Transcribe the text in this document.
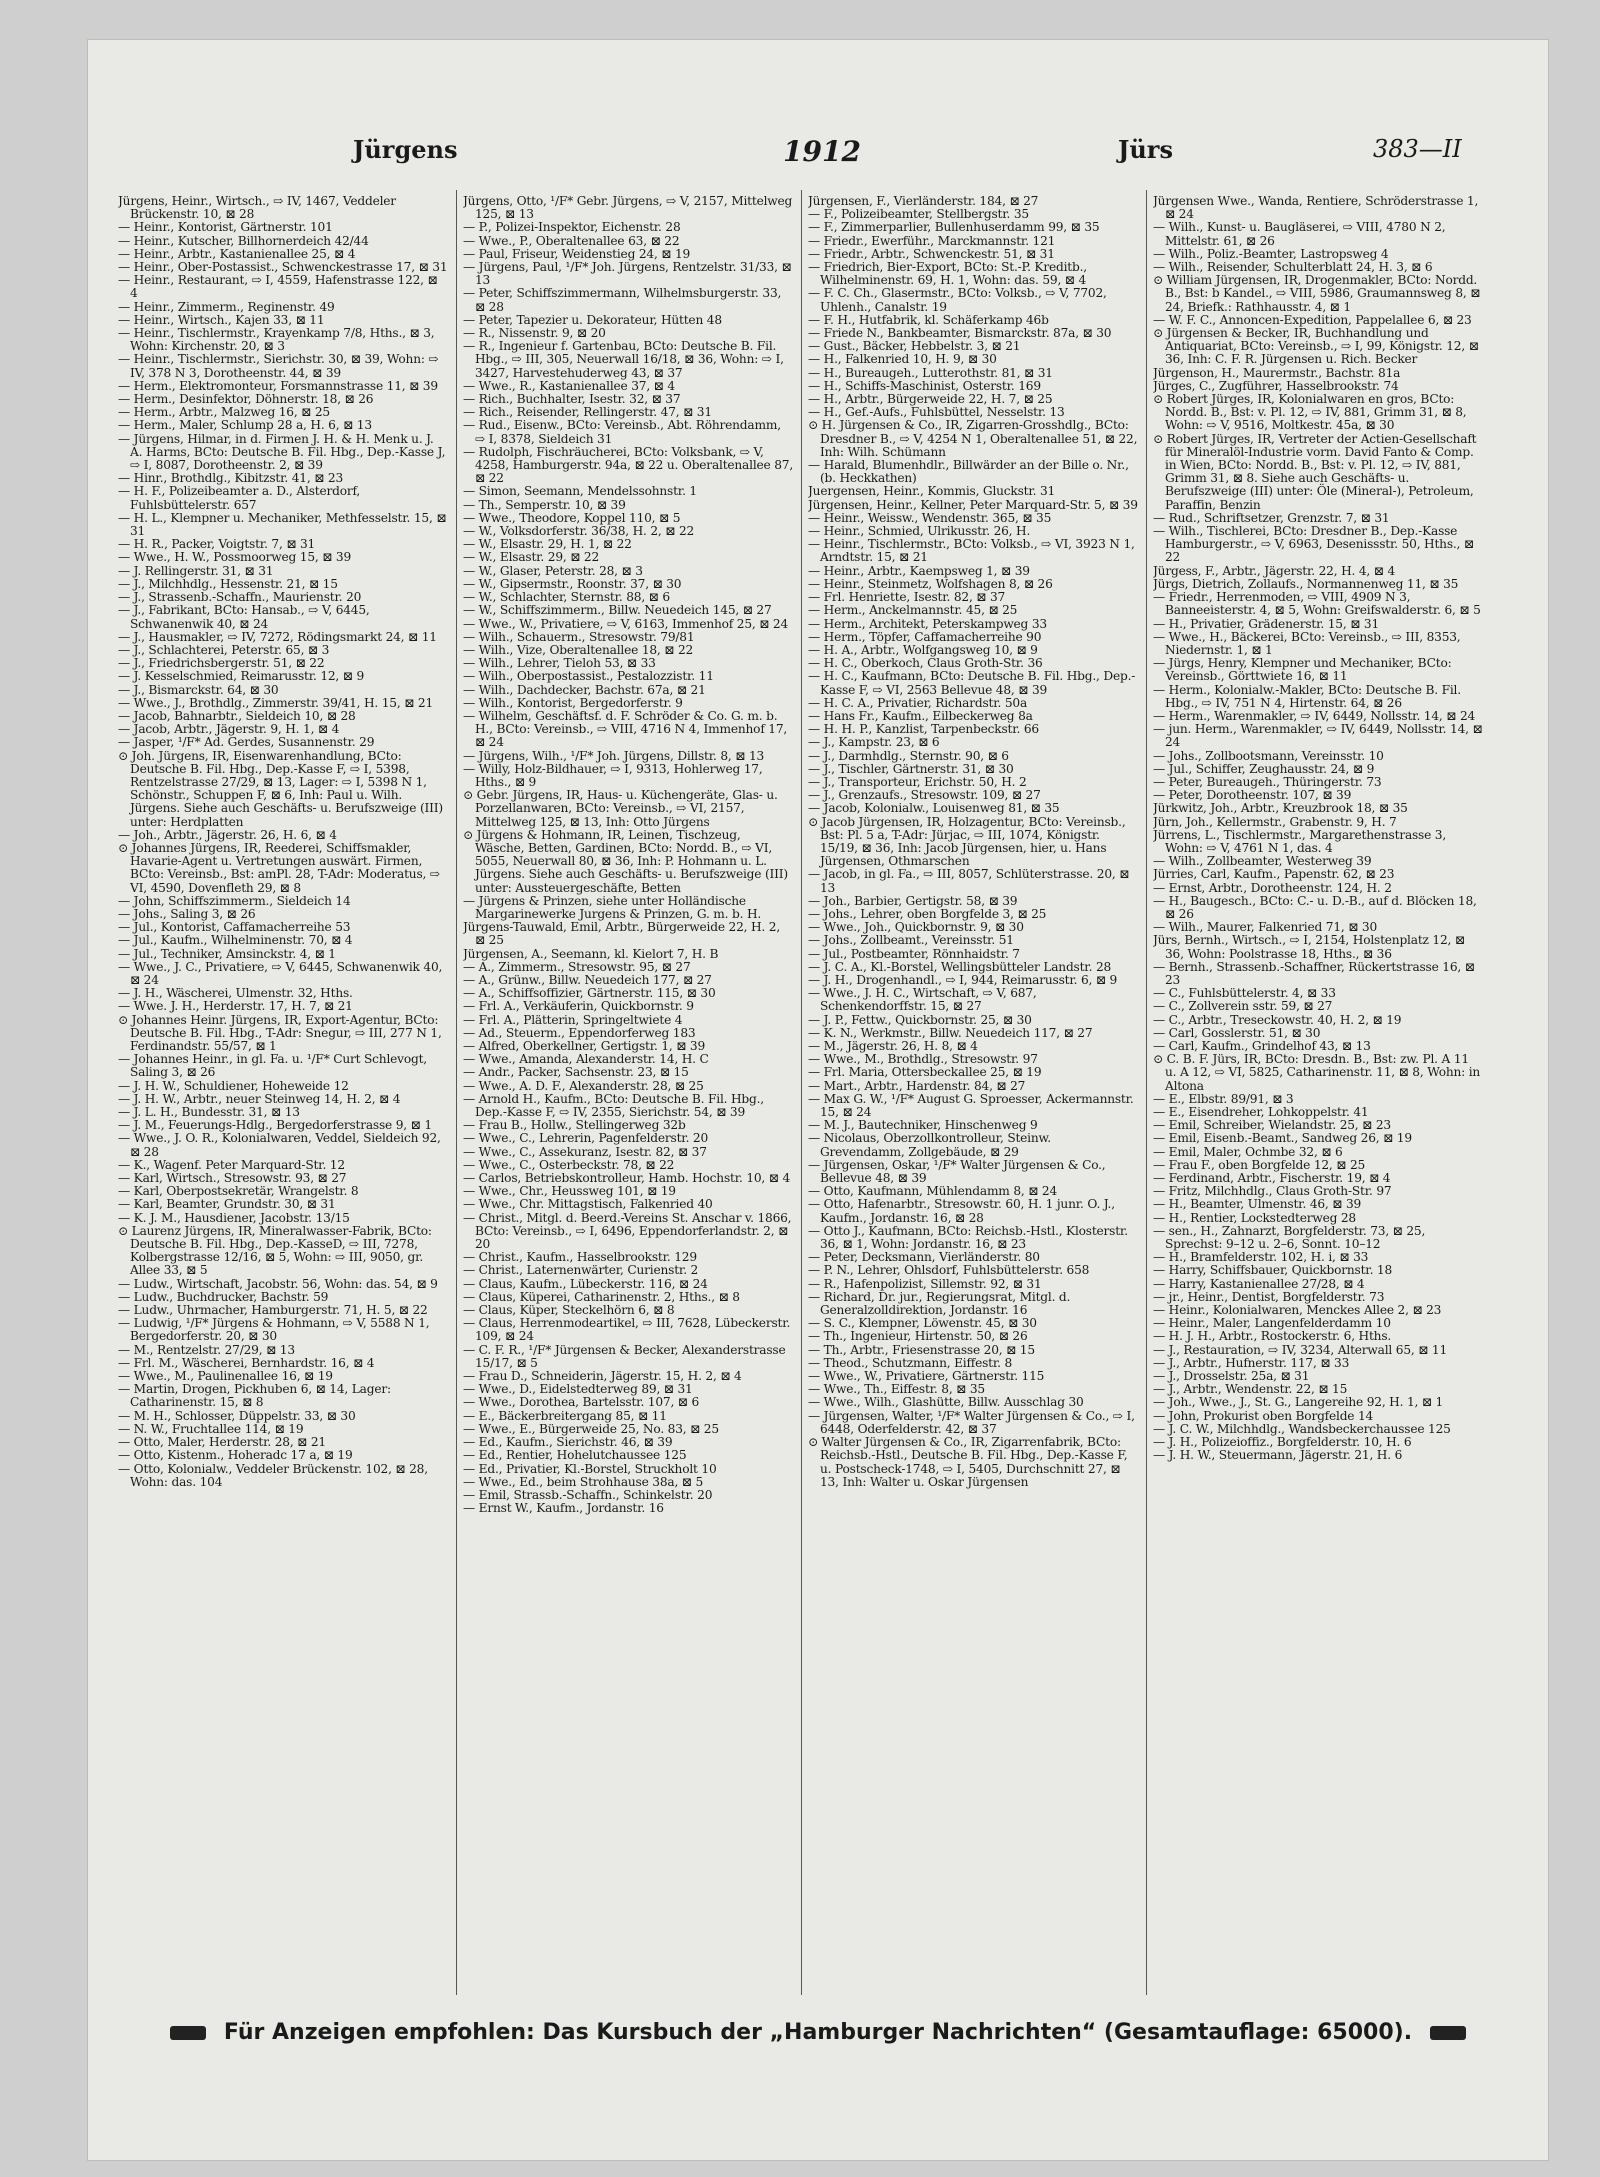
Jürgens	1912	Jürs	383—II

Jürgens, Heinr., Wirtsch., ⇨ IV, 1467, Veddeler Brückenstr. 10, ⊠ 28

— Heinr., Kontorist, Gärtnerstr. 101

— Heinr., Kutscher, Billhornerdeich 42/44

— Heinr., Arbtr., Kastanienallee 25, ⊠ 4

— Heinr., Ober-Postassist., Schwenckestrasse 17, ⊠ 31

— Heinr., Restaurant, ⇨ I, 4559, Hafenstrasse 122, ⊠ 4

— Heinr., Zimmerm., Reginenstr. 49

— Heinr., Wirtsch., Kajen 33, ⊠ 11

— Heinr., Tischlermstr., Krayenkamp 7/8, Hths., ⊠ 3, Wohn: Kirchenstr. 20, ⊠ 3

— Heinr., Tischlermstr., Sierichstr. 30, ⊠ 39, Wohn: ⇨ IV, 378 N 3, Dorotheenstr. 44, ⊠ 39

— Herm., Elektromonteur, Forsmannstrasse 11, ⊠ 39

— Herm., Desinfektor, Döhnerstr. 18, ⊠ 26

— Herm., Arbtr., Malzweg 16, ⊠ 25

— Herm., Maler, Schlump 28 a, H. 6, ⊠ 13

— Jürgens, Hilmar, in d. Firmen J. H. & H. Menk u. J. A. Harms, BCto: Deutsche B. Fil. Hbg., Dep.-Kasse J, ⇨ I, 8087, Dorotheenstr. 2, ⊠ 39

— Hinr., Brothdlg., Kibitzstr. 41, ⊠ 23

— H. F., Polizeibeamter a. D., Alsterdorf, Fuhlsbüttelerstr. 657

— H. L., Klempner u. Mechaniker, Methfesselstr. 15, ⊠ 31

— H. R., Packer, Voigtstr. 7, ⊠ 31

— Wwe., H. W., Possmoorweg 15, ⊠ 39

— J. Rellingerstr. 31, ⊠ 31

— J., Milchhdlg., Hessenstr. 21, ⊠ 15

— J., Strassenb.-Schaffn., Maurienstr. 20

— J., Fabrikant, BCto: Hansab., ⇨ V, 6445, Schwanenwik 40, ⊠ 24

— J., Hausmakler, ⇨ IV, 7272, Rödingsmarkt 24, ⊠ 11

— J., Schlachterei, Peterstr. 65, ⊠ 3

— J., Friedrichsbergerstr. 51, ⊠ 22

— J. Kesselschmied, Reimarusstr. 12, ⊠ 9

— J., Bismarckstr. 64, ⊠ 30

— Wwe., J., Brothdlg., Zimmerstr. 39/41, H. 15, ⊠ 21

— Jacob, Bahnarbtr., Sieldeich 10, ⊠ 28

— Jacob, Arbtr., Jägerstr. 9, H. 1, ⊠ 4

— Jasper, ¹/F* Ad. Gerdes, Susannenstr. 29

⊙ Joh. Jürgens, IR, Eisenwarenhandlung, BCto: Deutsche B. Fil. Hbg., Dep.-Kasse F, ⇨ I, 5398, Rentzelstrasse 27/29, ⊠ 13, Lager: ⇨ I, 5398 N 1, Schönstr., Schuppen F, ⊠ 6, Inh: Paul u. Wilh. Jürgens. Siehe auch Geschäfts- u. Berufszweige (III) unter: Herdplatten

— Joh., Arbtr., Jägerstr. 26, H. 6, ⊠ 4

⊙ Johannes Jürgens, IR, Reederei, Schiffsmakler, Havarie-Agent u. Vertretungen auswärt. Firmen, BCto: Vereinsb., Bst: amPl. 28, T-Adr: Moderatus, ⇨ VI, 4590, Dovenfleth 29, ⊠ 8

— John, Schiffszimmerm., Sieldeich 14

— Johs., Saling 3, ⊠ 26

— Jul., Kontorist, Caffamacherreihe 53

— Jul., Kaufm., Wilhelminenstr. 70, ⊠ 4

— Jul., Techniker, Amsinckstr. 4, ⊠ 1

— Wwe., J. C., Privatiere, ⇨ V, 6445, Schwanenwik 40, ⊠ 24

— J. H., Wäscherei, Ulmenstr. 32, Hths.

— Wwe. J. H., Herderstr. 17, H. 7, ⊠ 21

⊙ Johannes Heinr. Jürgens, IR, Export-Agentur, BCto: Deutsche B. Fil. Hbg., T-Adr: Snegur, ⇨ III, 277 N 1, Ferdinandstr. 55/57, ⊠ 1

— Johannes Heinr., in gl. Fa. u. ¹/F* Curt Schlevogt, Saling 3, ⊠ 26

— J. H. W., Schuldiener, Hoheweide 12

— J. H. W., Arbtr., neuer Steinweg 14, H. 2, ⊠ 4

— J. L. H., Bundesstr. 31, ⊠ 13

— J. M., Feuerungs-Hdlg., Bergedorferstrasse 9, ⊠ 1

— Wwe., J. O. R., Kolonialwaren, Veddel, Sieldeich 92, ⊠ 28

— K., Wagenf. Peter Marquard-Str. 12

— Karl, Wirtsch., Stresowstr. 93, ⊠ 27

— Karl, Oberpostsekretär, Wrangelstr. 8

— Karl, Beamter, Grundstr. 30, ⊠ 31

— K. J. M., Hausdiener, Jacobstr. 13/15

⊙ Laurenz Jürgens, IR, Mineralwasser-Fabrik, BCto: Deutsche B. Fil. Hbg., Dep.-KasseD, ⇨ III, 7278, Kolbergstrasse 12/16, ⊠ 5, Wohn: ⇨ III, 9050, gr. Allee 33, ⊠ 5

— Ludw., Wirtschaft, Jacobstr. 56, Wohn: das. 54, ⊠ 9

— Ludw., Buchdrucker, Bachstr. 59

— Ludw., Uhrmacher, Hamburgerstr. 71, H. 5, ⊠ 22

— Ludwig, ¹/F* Jürgens & Hohmann, ⇨ V, 5588 N 1, Bergedorferstr. 20, ⊠ 30

— M., Rentzelstr. 27/29, ⊠ 13

— Frl. M., Wäscherei, Bernhardstr. 16, ⊠ 4

— Wwe., M., Paulinenallee 16, ⊠ 19

— Martin, Drogen, Pickhuben 6, ⊠ 14, Lager: Catharinenstr. 15, ⊠ 8

— M. H., Schlosser, Düppelstr. 33, ⊠ 30

— N. W., Fruchtallee 114, ⊠ 19

— Otto, Maler, Herderstr. 28, ⊠ 21

— Otto, Kistenm., Hoheradc 17 a, ⊠ 19

— Otto, Kolonialw., Veddeler Brückenstr. 102, ⊠ 28, Wohn: das. 104

Jürgens, Otto, ¹/F* Gebr. Jürgens, ⇨ V, 2157, Mittelweg 125, ⊠ 13

— P., Polizei-Inspektor, Eichenstr. 28

— Wwe., P., Oberaltenallee 63, ⊠ 22

— Paul, Friseur, Weidenstieg 24, ⊠ 19

— Jürgens, Paul, ¹/F* Joh. Jürgens, Rentzelstr. 31/33, ⊠ 13

— Peter, Schiffszimmermann, Wilhelmsburgerstr. 33, ⊠ 28

— Peter, Tapezier u. Dekorateur, Hütten 48

— R., Nissenstr. 9, ⊠ 20

— R., Ingenieur f. Gartenbau, BCto: Deutsche B. Fil. Hbg., ⇨ III, 305, Neuerwall 16/18, ⊠ 36, Wohn: ⇨ I, 3427, Harvestehuderweg 43, ⊠ 37

— Wwe., R., Kastanienallee 37, ⊠ 4

— Rich., Buchhalter, Isestr. 32, ⊠ 37

— Rich., Reisender, Rellingerstr. 47, ⊠ 31

— Rud., Eisenw., BCto: Vereinsb., Abt. Röhrendamm, ⇨ I, 8378, Sieldeich 31

— Rudolph, Fischräucherei, BCto: Volksbank, ⇨ V, 4258, Hamburgerstr. 94a, ⊠ 22 u. Oberaltenallee 87, ⊠ 22

— Simon, Seemann, Mendelssohnstr. 1

— Th., Semperstr. 10, ⊠ 39

— Wwe., Theodore, Koppel 110, ⊠ 5

— W., Volksdorferstr. 36/38, H. 2, ⊠ 22

— W., Elsastr. 29, H. 1, ⊠ 22

— W., Elsastr. 29, ⊠ 22

— W., Glaser, Peterstr. 28, ⊠ 3

— W., Gipsermstr., Roonstr. 37, ⊠ 30

— W., Schlachter, Sternstr. 88, ⊠ 6

— W., Schiffszimmerm., Billw. Neuedeich 145, ⊠ 27

— Wwe., W., Privatiere, ⇨ V, 6163, Immenhof 25, ⊠ 24

— Wilh., Schauerm., Stresowstr. 79/81

— Wilh., Vize, Oberaltenallee 18, ⊠ 22

— Wilh., Lehrer, Tieloh 53, ⊠ 33

— Wilh., Oberpostassist., Pestalozzistr. 11

— Wilh., Dachdecker, Bachstr. 67a, ⊠ 21

— Wilh., Kontorist, Bergedorferstr. 9

— Wilhelm, Geschäftsf. d. F. Schröder & Co. G. m. b. H., BCto: Vereinsb., ⇨ VIII, 4716 N 4, Immenhof 17, ⊠ 24

— Jürgens, Wilh., ¹/F* Joh. Jürgens, Dillstr. 8, ⊠ 13

— Willy, Holz-Bildhauer, ⇨ I, 9313, Hohlerweg 17, Hths., ⊠ 9

⊙ Gebr. Jürgens, IR, Haus- u. Küchengeräte, Glas- u. Porzellanwaren, BCto: Vereinsb., ⇨ VI, 2157, Mittelweg 125, ⊠ 13, Inh: Otto Jürgens

⊙ Jürgens & Hohmann, IR, Leinen, Tischzeug, Wäsche, Betten, Gardinen, BCto: Nordd. B., ⇨ VI, 5055, Neuerwall 80, ⊠ 36, Inh: P. Hohmann u. L. Jürgens. Siehe auch Geschäfts- u. Berufszweige (III) unter: Aussteuergeschäfte, Betten

— Jürgens & Prinzen, siehe unter Holländische Margarinewerke Jurgens & Prinzen, G. m. b. H.

Jürgens-Tauwald, Emil, Arbtr., Bürgerweide 22, H. 2, ⊠ 25

Jürgensen, A., Seemann, kl. Kielort 7, H. B

— A., Zimmerm., Stresowstr. 95, ⊠ 27

— A., Grünw., Billw. Neuedeich 177, ⊠ 27

— A., Schiffsoffizier, Gärtnerstr. 115, ⊠ 30

— Frl. A., Verkäuferin, Quickbornstr. 9

— Frl. A., Plätterin, Springeltwiete 4

— Ad., Steuerm., Eppendorferweg 183

— Alfred, Oberkellner, Gertigstr. 1, ⊠ 39

— Wwe., Amanda, Alexanderstr. 14, H. C

— Andr., Packer, Sachsenstr. 23, ⊠ 15

— Wwe., A. D. F., Alexanderstr. 28, ⊠ 25

— Arnold H., Kaufm., BCto: Deutsche B. Fil. Hbg., Dep.-Kasse F, ⇨ IV, 2355, Sierichstr. 54, ⊠ 39

— Frau B., Hollw., Stellingerweg 32b

— Wwe., C., Lehrerin, Pagenfelderstr. 20

— Wwe., C., Assekuranz, Isestr. 82, ⊠ 37

— Wwe., C., Osterbeckstr. 78, ⊠ 22

— Carlos, Betriebskontrolleur, Hamb. Hochstr. 10, ⊠ 4

— Wwe., Chr., Heussweg 101, ⊠ 19

— Wwe., Chr. Mittagstisch, Falkenried 40

— Christ., Mitgl. d. Beerd.-Vereins St. Anschar v. 1866, BCto: Vereinsb., ⇨ I, 6496, Eppendorferlandstr. 2, ⊠ 20

— Christ., Kaufm., Hasselbrookstr. 129

— Christ., Laternenwärter, Curienstr. 2

— Claus, Kaufm., Lübeckerstr. 116, ⊠ 24

— Claus, Küperei, Catharinenstr. 2, Hths., ⊠ 8

— Claus, Küper, Steckelhörn 6, ⊠ 8

— Claus, Herrenmodeartikel, ⇨ III, 7628, Lübeckerstr. 109, ⊠ 24

— C. F. R., ¹/F* Jürgensen & Becker, Alexanderstrasse 15/17, ⊠ 5

— Frau D., Schneiderin, Jägerstr. 15, H. 2, ⊠ 4

— Wwe., D., Eidelstedterweg 89, ⊠ 31

— Wwe., Dorothea, Bartelsstr. 107, ⊠ 6

— E., Bäckerbreitergang 85, ⊠ 11

— Wwe., E., Bürgerweide 25, No. 83, ⊠ 25

— Ed., Kaufm., Sierichstr. 46, ⊠ 39

— Ed., Rentier, Hohelutchaussee 125

— Ed., Privatier, Kl.-Borstel, Struckholt 10

— Wwe., Ed., beim Strohhause 38a, ⊠ 5

— Emil, Strassb.-Schaffn., Schinkelstr. 20

— Ernst W., Kaufm., Jordanstr. 16

Jürgensen, F., Vierländerstr. 184, ⊠ 27

— F., Polizeibeamter, Stellbergstr. 35

— F., Zimmerparlier, Bullenhuserdamm 99, ⊠ 35

— Friedr., Ewerführ., Marckmannstr. 121

— Friedr., Arbtr., Schwenckestr. 51, ⊠ 31

— Friedrich, Bier-Export, BCto: St.-P. Kreditb., Wilhelminenstr. 69, H. 1, Wohn: das. 59, ⊠ 4

— F. C. Ch., Glasermstr., BCto: Volksb., ⇨ V, 7702, Uhlenh., Canalstr. 19

— F. H., Hutfabrik, kl. Schäferkamp 46b

— Friede N., Bankbeamter, Bismarckstr. 87a, ⊠ 30

— Gust., Bäcker, Hebbelstr. 3, ⊠ 21

— H., Falkenried 10, H. 9, ⊠ 30

— H., Bureaugeh., Lutterothstr. 81, ⊠ 31

— H., Schiffs-Maschinist, Osterstr. 169

— H., Arbtr., Bürgerweide 22, H. 7, ⊠ 25

— H., Gef.-Aufs., Fuhlsbüttel, Nesselstr. 13

⊙ H. Jürgensen & Co., IR, Zigarren-Grosshdlg., BCto: Dresdner B., ⇨ V, 4254 N 1, Oberaltenallee 51, ⊠ 22, Inh: Wilh. Schümann

— Harald, Blumenhdlr., Billwärder an der Bille o. Nr., (b. Heckkathen)

Juergensen, Heinr., Kommis, Gluckstr. 31

Jürgensen, Heinr., Kellner, Peter Marquard-Str. 5, ⊠ 39

— Heinr., Weissw., Wendenstr. 365, ⊠ 35

— Heinr., Schmied, Ulrikusstr. 26, H.

— Heinr., Tischlermstr., BCto: Volksb., ⇨ VI, 3923 N 1, Arndtstr. 15, ⊠ 21

— Heinr., Arbtr., Kaempsweg 1, ⊠ 39

— Heinr., Steinmetz, Wolfshagen 8, ⊠ 26

— Frl. Henriette, Isestr. 82, ⊠ 37

— Herm., Anckelmannstr. 45, ⊠ 25

— Herm., Architekt, Peterskampweg 33

— Herm., Töpfer, Caffamacherreihe 90

— H. A., Arbtr., Wolfgangsweg 10, ⊠ 9

— H. C., Oberkoch, Claus Groth-Str. 36

— H. C., Kaufmann, BCto: Deutsche B. Fil. Hbg., Dep.-Kasse F, ⇨ VI, 2563 Bellevue 48, ⊠ 39

— H. C. A., Privatier, Richardstr. 50a

— Hans Fr., Kaufm., Eilbeckerweg 8a

— H. H. P., Kanzlist, Tarpenbeckstr. 66

— J., Kampstr. 23, ⊠ 6

— J., Darmhdlg., Sternstr. 90, ⊠ 6

— J., Tischler, Gärtnerstr. 31, ⊠ 30

— J., Transporteur, Erichstr. 50, H. 2

— J., Grenzaufs., Stresowstr. 109, ⊠ 27

— Jacob, Kolonialw., Louisenweg 81, ⊠ 35

⊙ Jacob Jürgensen, IR, Holzagentur, BCto: Vereinsb., Bst: Pl. 5 a, T-Adr: Jürjac, ⇨ III, 1074, Königstr. 15/19, ⊠ 36, Inh: Jacob Jürgensen, hier, u. Hans Jürgensen, Othmarschen

— Jacob, in gl. Fa., ⇨ III, 8057, Schlüterstrasse. 20, ⊠ 13

— Joh., Barbier, Gertigstr. 58, ⊠ 39

— Johs., Lehrer, oben Borgfelde 3, ⊠ 25

— Wwe., Joh., Quickbornstr. 9, ⊠ 30

— Johs., Zollbeamt., Vereinsstr. 51

— Jul., Postbeamter, Rönnhaidstr. 7

— J. C. A., Kl.-Borstel, Wellingsbütteler Landstr. 28

— J. H., Drogenhandl., ⇨ I, 944, Reimarusstr. 6, ⊠ 9

— Wwe., J. H. C., Wirtschaft, ⇨ V, 687, Schenkendorffstr. 15, ⊠ 27

— J. P., Fettw., Quickbornstr. 25, ⊠ 30

— K. N., Werkmstr., Billw. Neuedeich 117, ⊠ 27

— M., Jägerstr. 26, H. 8, ⊠ 4

— Wwe., M., Brothdlg., Stresowstr. 97

— Frl. Maria, Ottersbeckallee 25, ⊠ 19

— Mart., Arbtr., Hardenstr. 84, ⊠ 27

— Max G. W., ¹/F* August G. Sproesser, Ackermannstr. 15, ⊠ 24

— M. J., Bautechniker, Hinschenweg 9

— Nicolaus, Oberzollkontrolleur, Steinw. Grevendamm, Zollgebäude, ⊠ 29

— Jürgensen, Oskar, ¹/F* Walter Jürgensen & Co., Bellevue 48, ⊠ 39

— Otto, Kaufmann, Mühlendamm 8, ⊠ 24

— Otto, Hafenarbtr., Stresowstr. 60, H. 1 junr. O. J., Kaufm., Jordanstr. 16, ⊠ 28

— Otto J., Kaufmann, BCto: Reichsb.-Hstl., Klosterstr. 36, ⊠ 1, Wohn: Jordanstr. 16, ⊠ 23

— Peter, Decksmann, Vierländerstr. 80

— P. N., Lehrer, Ohlsdorf, Fuhlsbüttelerstr. 658

— R., Hafenpolizist, Sillemstr. 92, ⊠ 31

— Richard, Dr. jur., Regierungsrat, Mitgl. d. Generalzolldirektion, Jordanstr. 16

— S. C., Klempner, Löwenstr. 45, ⊠ 30

— Th., Ingenieur, Hirtenstr. 50, ⊠ 26

— Th., Arbtr., Friesenstrasse 20, ⊠ 15

— Theod., Schutzmann, Eiffestr. 8

— Wwe., W., Privatiere, Gärtnerstr. 115

— Wwe., Th., Eiffestr. 8, ⊠ 35

— Wwe., Wilh., Glashütte, Billw. Ausschlag 30

— Jürgensen, Walter, ¹/F* Walter Jürgensen & Co., ⇨ I, 6448, Oderfelderstr. 42, ⊠ 37

⊙ Walter Jürgensen & Co., IR, Zigarrenfabrik, BCto: Reichsb.-Hstl., Deutsche B. Fil. Hbg., Dep.-Kasse F, u. Postscheck-1748, ⇨ I, 5405, Durchschnitt 27, ⊠ 13, Inh: Walter u. Oskar Jürgensen

Jürgensen Wwe., Wanda, Rentiere, Schröderstrasse 1, ⊠ 24

— Wilh., Kunst- u. Baugläserei, ⇨ VIII, 4780 N 2, Mittelstr. 61, ⊠ 26

— Wilh., Poliz.-Beamter, Lastropsweg 4

— Wilh., Reisender, Schulterblatt 24, H. 3, ⊠ 6

⊙ William Jürgensen, IR, Drogenmakler, BCto: Nordd. B., Bst: b Kandel., ⇨ VIII, 5986, Graumannsweg 8, ⊠ 24, Briefk.: Rathhausstr. 4, ⊠ 1

— W. F. C., Annoncen-Expedition, Pappelallee 6, ⊠ 23

⊙ Jürgensen & Becker, IR, Buchhandlung und Antiquariat, BCto: Vereinsb., ⇨ I, 99, Königstr. 12, ⊠ 36, Inh: C. F. R. Jürgensen u. Rich. Becker

Jürgenson, H., Maurermstr., Bachstr. 81a

Jürges, C., Zugführer, Hasselbrookstr. 74

⊙ Robert Jürges, IR, Kolonialwaren en gros, BCto: Nordd. B., Bst: v. Pl. 12, ⇨ IV, 881, Grimm 31, ⊠ 8, Wohn: ⇨ V, 9516, Moltkestr. 45a, ⊠ 30

⊙ Robert Jürges, IR, Vertreter der Actien-Gesellschaft für Mineralöl-Industrie vorm. David Fanto & Comp. in Wien, BCto: Nordd. B., Bst: v. Pl. 12, ⇨ IV, 881, Grimm 31, ⊠ 8. Siehe auch Geschäfts- u. Berufszweige (III) unter: Öle (Mineral-), Petroleum, Paraffin, Benzin

— Rud., Schriftsetzer, Grenzstr. 7, ⊠ 31

— Wilh., Tischlerei, BCto: Dresdner B., Dep.-Kasse Hamburgerstr., ⇨ V, 6963, Desenissstr. 50, Hths., ⊠ 22

Jürgess, F., Arbtr., Jägerstr. 22, H. 4, ⊠ 4

Jürgs, Dietrich, Zollaufs., Normannenweg 11, ⊠ 35

— Friedr., Herrenmoden, ⇨ VIII, 4909 N 3, Banneeisterstr. 4, ⊠ 5, Wohn: Greifswalderstr. 6, ⊠ 5

— H., Privatier, Grädenerstr. 15, ⊠ 31

— Wwe., H., Bäckerei, BCto: Vereinsb., ⇨ III, 8353, Niedernstr. 1, ⊠ 1

— Jürgs, Henry, Klempner und Mechaniker, BCto: Vereinsb., Görttwiete 16, ⊠ 11

— Herm., Kolonialw.-Makler, BCto: Deutsche B. Fil. Hbg., ⇨ IV, 751 N 4, Hirtenstr. 64, ⊠ 26

— Herm., Warenmakler, ⇨ IV, 6449, Nollsstr. 14, ⊠ 24

— jun. Herm., Warenmakler, ⇨ IV, 6449, Nollsstr. 14, ⊠ 24

— Johs., Zollbootsmann, Vereinsstr. 10

— Jul., Schiffer, Zeughausstr. 24, ⊠ 9

— Peter, Bureaugeh., Thüringerstr. 73

— Peter, Dorotheenstr. 107, ⊠ 39

Jürkwitz, Joh., Arbtr., Kreuzbrook 18, ⊠ 35

Jürn, Joh., Kellermstr., Grabenstr. 9, H. 7

Jürrens, L., Tischlermstr., Margarethenstrasse 3, Wohn: ⇨ V, 4761 N 1, das. 4

— Wilh., Zollbeamter, Westerweg 39

Jürries, Carl, Kaufm., Papenstr. 62, ⊠ 23

— Ernst, Arbtr., Dorotheenstr. 124, H. 2

— H., Baugesch., BCto: C.- u. D.-B., auf d. Blöcken 18, ⊠ 26

— Wilh., Maurer, Falkenried 71, ⊠ 30

Jürs, Bernh., Wirtsch., ⇨ I, 2154, Holstenplatz 12, ⊠ 36, Wohn: Poolstrasse 18, Hths., ⊠ 36

— Bernh., Strassenb.-Schaffner, Rückertstrasse 16, ⊠ 23

— C., Fuhlsbüttelerstr. 4, ⊠ 33

— C., Zollverein sstr. 59, ⊠ 27

— C., Arbtr., Treseckowstr. 40, H. 2, ⊠ 19

— Carl, Gosslerstr. 51, ⊠ 30

— Carl, Kaufm., Grindelhof 43, ⊠ 13

⊙ C. B. F. Jürs, IR, BCto: Dresdn. B., Bst: zw. Pl. A 11 u. A 12, ⇨ VI, 5825, Catharinenstr. 11, ⊠ 8, Wohn: in Altona

— E., Elbstr. 89/91, ⊠ 3

— E., Eisendreher, Lohkoppelstr. 41

— Emil, Schreiber, Wielandstr. 25, ⊠ 23

— Emil, Eisenb.-Beamt., Sandweg 26, ⊠ 19

— Emil, Maler, Ochmbe 32, ⊠ 6

— Frau F., oben Borgfelde 12, ⊠ 25

— Ferdinand, Arbtr., Fischerstr. 19, ⊠ 4

— Fritz, Milchhdlg., Claus Groth-Str. 97

— H., Beamter, Ulmenstr. 46, ⊠ 39

— H., Rentier, Lockstedterweg 28

— sen., H., Zahnarzt, Borgfelderstr. 73, ⊠ 25, Sprechst: 9–12 u. 2–6, Sonnt. 10–12

— H., Bramfelderstr. 102, H. i, ⊠ 33

— Harry, Schiffsbauer, Quickbornstr. 18

— Harry, Kastanienallee 27/28, ⊠ 4

— jr., Heinr., Dentist, Borgfelderstr. 73

— Heinr., Kolonialwaren, Menckes Allee 2, ⊠ 23

— Heinr., Maler, Langenfelderdamm 10

— H. J. H., Arbtr., Rostockerstr. 6, Hths.

— J., Restauration, ⇨ IV, 3234, Alterwall 65, ⊠ 11

— J., Arbtr., Hufnerstr. 117, ⊠ 33

— J., Drosselstr. 25a, ⊠ 31

— J., Arbtr., Wendenstr. 22, ⊠ 15

— Joh., Wwe., J., St. G., Langereihe 92, H. 1, ⊠ 1

— John, Prokurist oben Borgfelde 14

— J. C. W., Milchhdlg., Wandsbeckerchaussee 125

— J. H., Polizeioffiz., Borgfelderstr. 10, H. 6

— J. H. W., Steuermann, Jägerstr. 21, H. 6

Für Anzeigen empfohlen: Das Kursbuch der „Hamburger Nachrichten“ (Gesamtauflage: 65000).
